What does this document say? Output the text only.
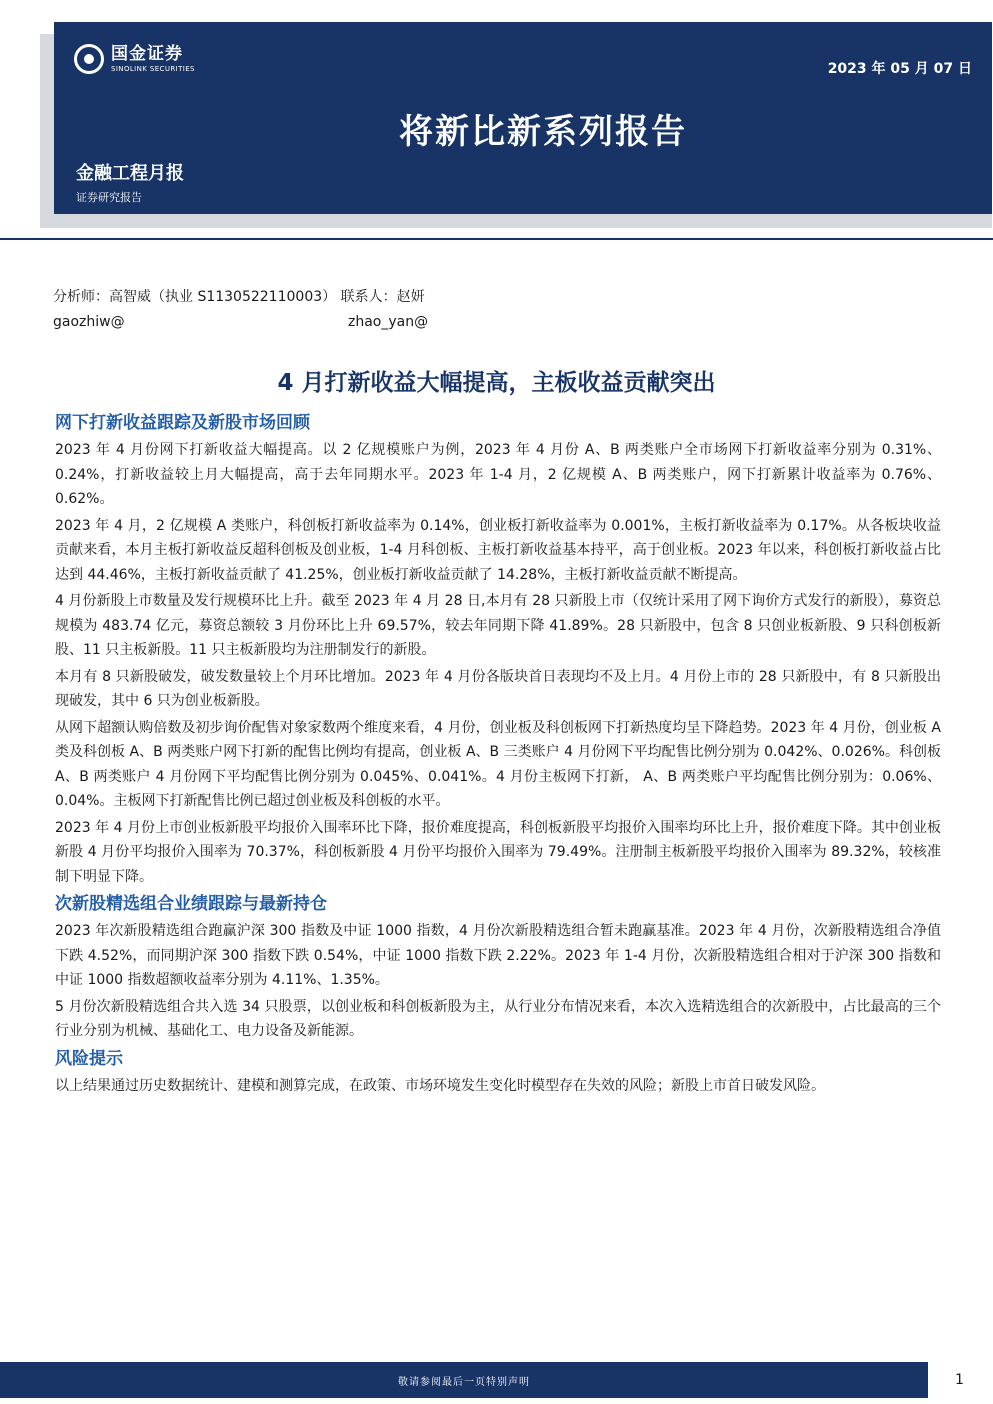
国金证券
SINOLINK SECURITIES	2023 年 05 月 07 日
将新比新系列报告
金融工程月报
证券研究报告
分析师：高智威（执业 S1130522110003） 联系人：赵妍
gaozhiw@	zhao_yan@
4 月打新收益大幅提高，主板收益贡献突出
网下打新收益跟踪及新股市场回顾

2023 年 4 月份网下打新收益大幅提高。以 2 亿规模账户为例，2023 年 4 月份 A、B 两类账户全市场网下打新收益率分别为 0.31%、0.24%，打新收益较上月大幅提高，高于去年同期水平。2023 年 1-4 月，2 亿规模 A、B 两类账户，网下打新累计收益率为 0.76%、0.62%。

2023 年 4 月，2 亿规模 A 类账户，科创板打新收益率为 0.14%，创业板打新收益率为 0.001%，主板打新收益率为 0.17%。从各板块收益贡献来看，本月主板打新收益反超科创板及创业板，1-4 月科创板、主板打新收益基本持平，高于创业板。2023 年以来，科创板打新收益占比达到 44.46%，主板打新收益贡献了 41.25%，创业板打新收益贡献了 14.28%，主板打新收益贡献不断提高。

4 月份新股上市数量及发行规模环比上升。截至 2023 年 4 月 28 日,本月有 28 只新股上市（仅统计采用了网下询价方式发行的新股），募资总规模为 483.74 亿元，募资总额较 3 月份环比上升 69.57%，较去年同期下降 41.89%。28 只新股中，包含 8 只创业板新股、9 只科创板新股、11 只主板新股。11 只主板新股均为注册制发行的新股。

本月有 8 只新股破发，破发数量较上个月环比增加。2023 年 4 月份各版块首日表现均不及上月。4 月份上市的 28 只新股中，有 8 只新股出现破发，其中 6 只为创业板新股。

从网下超额认购倍数及初步询价配售对象家数两个维度来看，4 月份，创业板及科创板网下打新热度均呈下降趋势。2023 年 4 月份，创业板 A 类及科创板 A、B 两类账户网下打新的配售比例均有提高，创业板 A、B 三类账户 4 月份网下平均配售比例分别为 0.042%、0.026%。科创板 A、B 两类账户 4 月份网下平均配售比例分别为 0.045%、0.041%。4 月份主板网下打新， A、B 两类账户平均配售比例分别为：0.06%、0.04%。主板网下打新配售比例已超过创业板及科创板的水平。

2023 年 4 月份上市创业板新股平均报价入围率环比下降，报价难度提高，科创板新股平均报价入围率均环比上升，报价难度下降。其中创业板新股 4 月份平均报价入围率为 70.37%，科创板新股 4 月份平均报价入围率为 79.49%。注册制主板新股平均报价入围率为 89.32%，较核准制下明显下降。

次新股精选组合业绩跟踪与最新持仓

2023 年次新股精选组合跑赢沪深 300 指数及中证 1000 指数，4 月份次新股精选组合暂未跑赢基准。2023 年 4 月份，次新股精选组合净值下跌 4.52%，而同期沪深 300 指数下跌 0.54%，中证 1000 指数下跌 2.22%。2023 年 1-4 月份，次新股精选组合相对于沪深 300 指数和中证 1000 指数超额收益率分别为 4.11%、1.35%。

5 月份次新股精选组合共入选 34 只股票，以创业板和科创板新股为主，从行业分布情况来看，本次入选精选组合的次新股中，占比最高的三个行业分别为机械、基础化工、电力设备及新能源。

风险提示

以上结果通过历史数据统计、建模和测算完成，在政策、市场环境发生变化时模型存在失效的风险；新股上市首日破发风险。

敬请参阅最后一页特别声明	1
